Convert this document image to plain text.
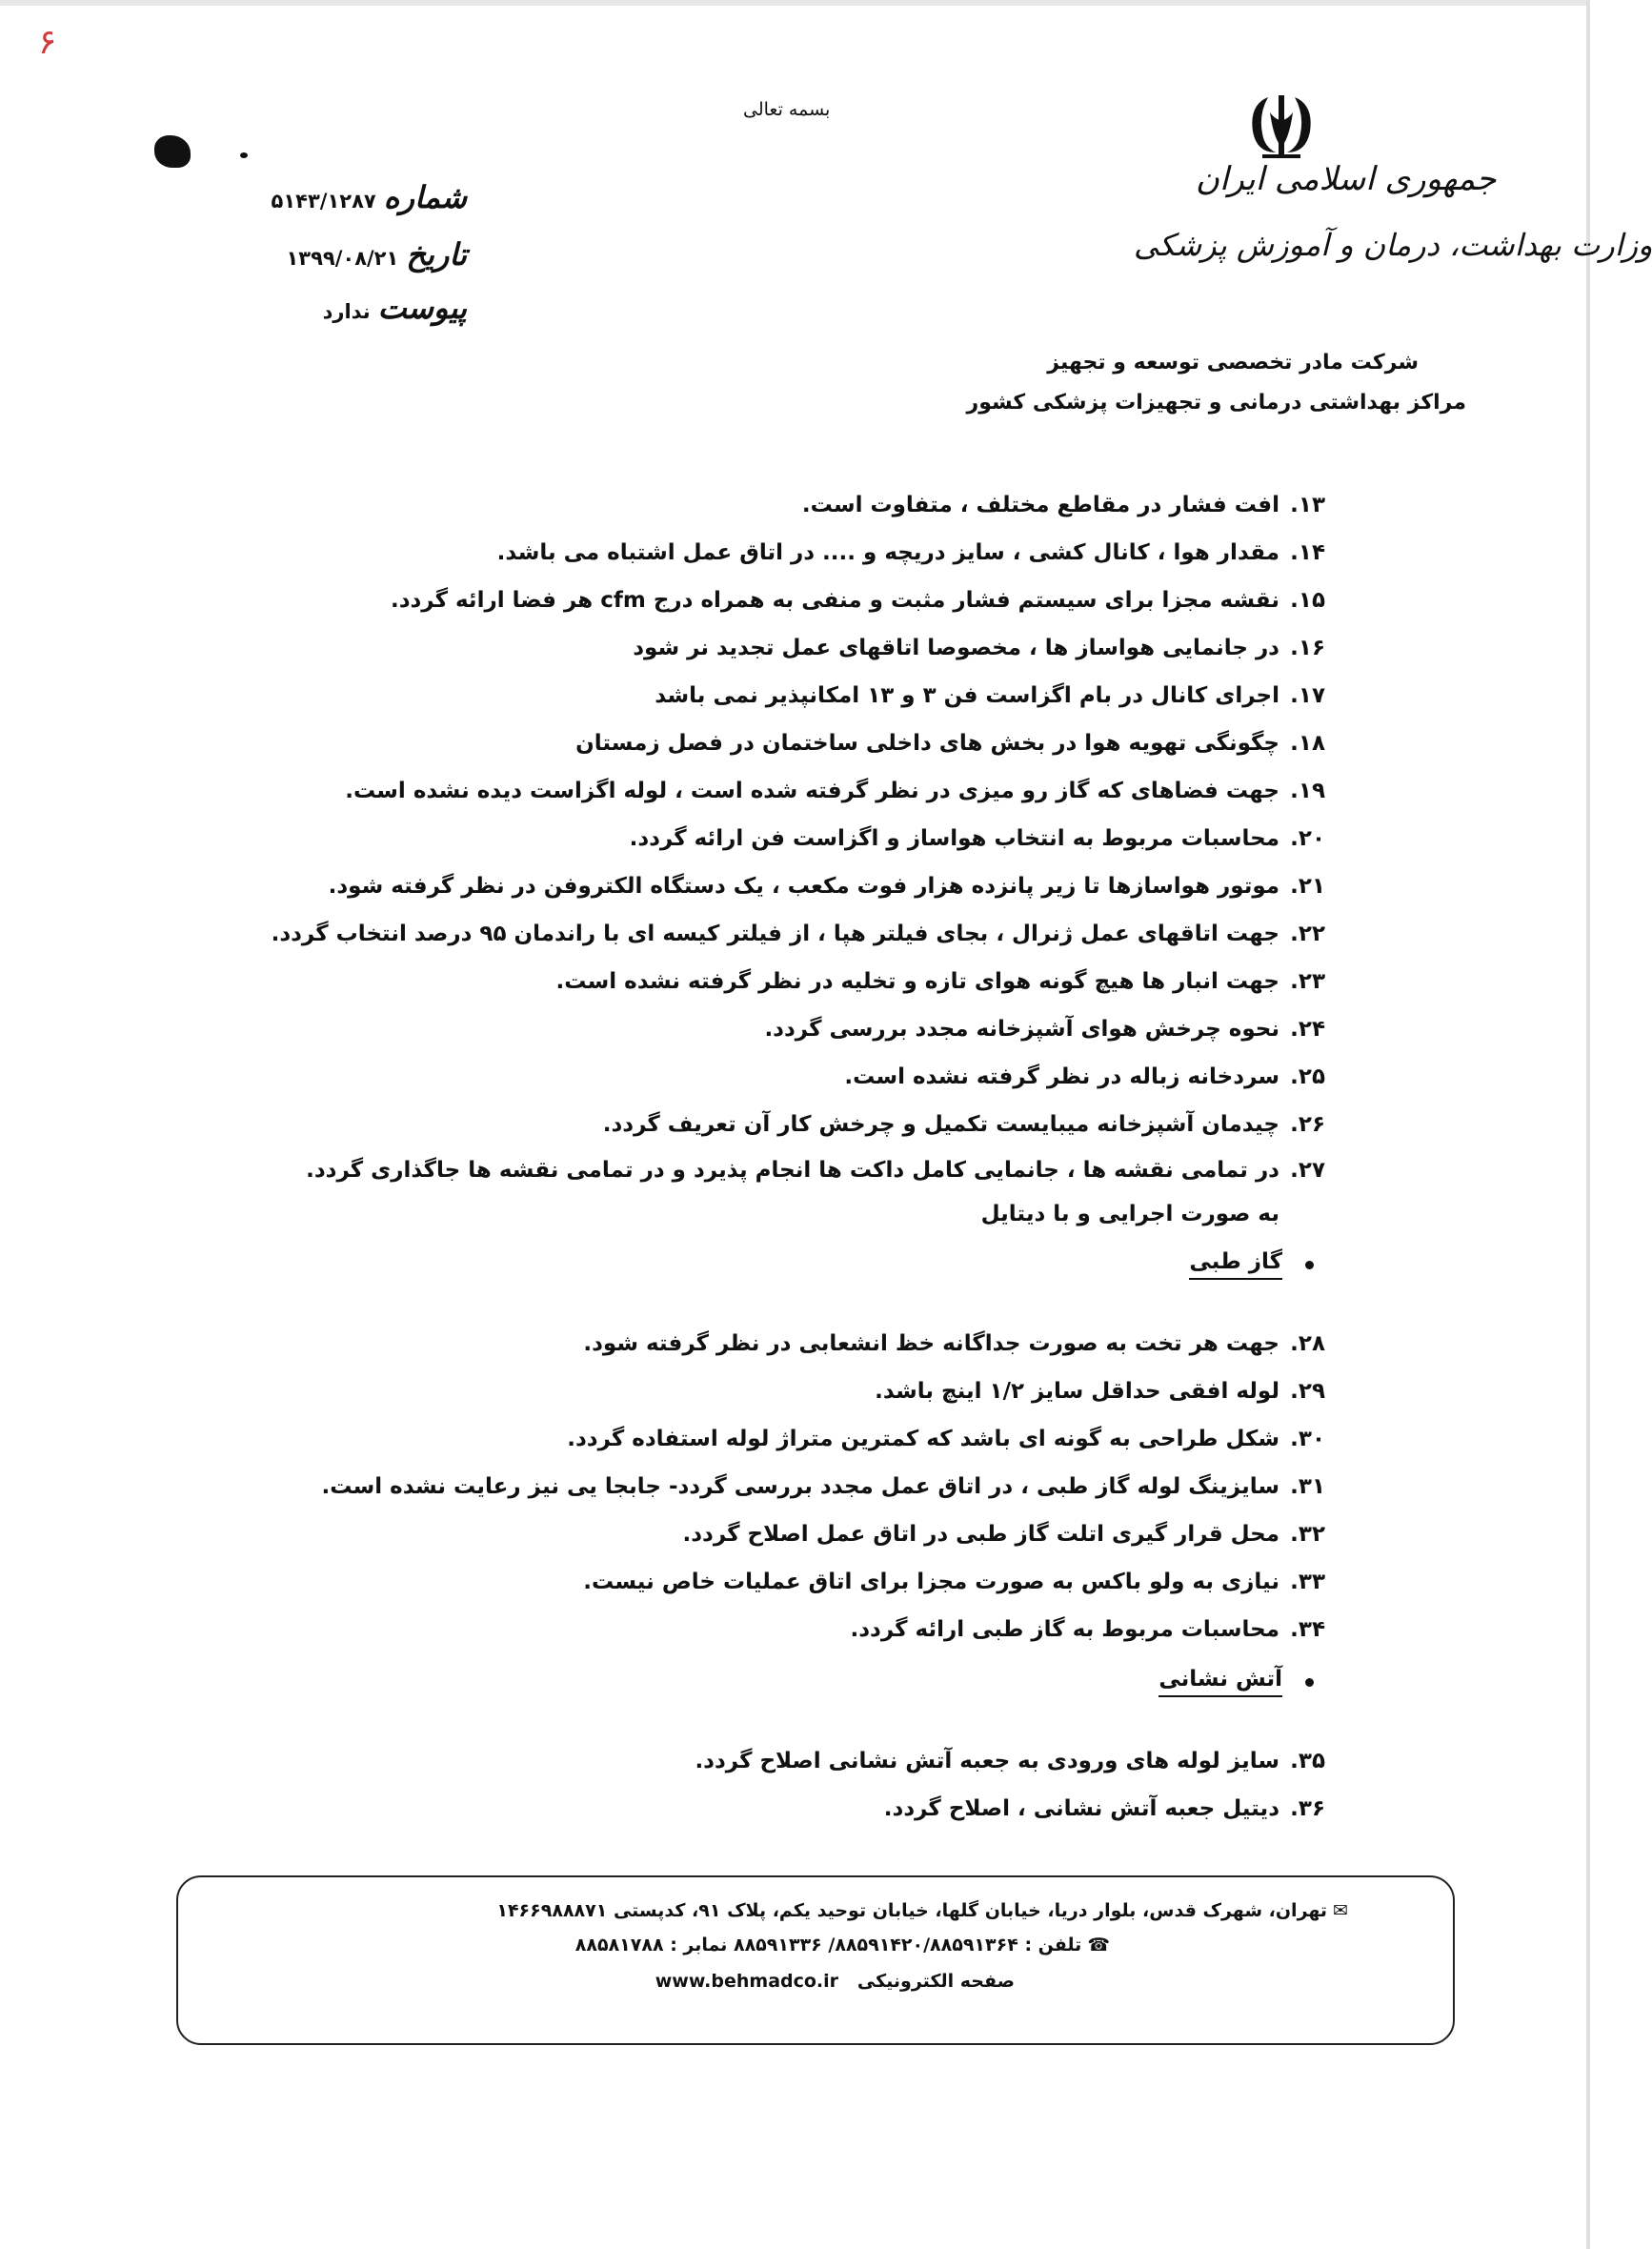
۶
بسمه تعالی
جمهوری اسلامی ایران
وزارت بهداشت، درمان و آموزش پزشکی
شرکت مادر تخصصی توسعه و تجهیز
مراکز بهداشتی درمانی و تجهیزات پزشکی کشور
شماره
۵۱۴۳/۱۲۸۷
تاریخ
۱۳۹۹/۰۸/۲۱
پیوست
ندارد
۱۳.
افت فشار در مقاطع مختلف ، متفاوت است.
۱۴.
مقدار هوا ، کانال کشی ، سایز دریچه و .... در اتاق عمل اشتباه می باشد.
۱۵.
نقشه مجزا برای سیستم فشار مثبت و منفی به همراه درج cfm هر فضا ارائه گردد.
۱۶.
در جانمایی هواساز ها ، مخصوصا اتاقهای عمل تجدید نر شود
۱۷.
اجرای کانال در بام اگزاست فن ۳ و ۱۳ امکانپذیر نمی باشد
۱۸.
چگونگی تهویه هوا در بخش های داخلی ساختمان در فصل زمستان
۱۹.
جهت فضاهای که گاز رو میزی در نظر گرفته شده است ، لوله اگزاست دیده نشده است.
۲۰.
محاسبات مربوط به انتخاب هواساز و اگزاست فن ارائه گردد.
۲۱.
موتور هواسازها تا زیر پانزده هزار فوت مکعب ، یک دستگاه الکتروفن در نظر گرفته شود.
۲۲.
جهت اتاقهای عمل ژنرال ، بجای فیلتر هپا ، از فیلتر کیسه ای با راندمان ۹۵ درصد انتخاب گردد.
۲۳.
جهت انبار ها هیچ گونه هوای تازه و تخلیه در نظر گرفته نشده است.
۲۴.
نحوه چرخش هوای آشپزخانه مجدد بررسی گردد.
۲۵.
سردخانه زباله در نظر گرفته نشده است.
۲۶.
چیدمان آشپزخانه میبایست تکمیل و چرخش کار آن تعریف گردد.
۲۷.
در تمامی نقشه ها ، جانمایی کامل داکت ها انجام پذیرد و در تمامی نقشه ها جاگذاری گردد. به صورت اجرایی و با دیتایل
گاز طبی
۲۸.
جهت هر تخت به صورت جداگانه خظ انشعابی در نظر گرفته شود.
۲۹.
لوله افقی حداقل سایز ۱/۲ اینچ باشد.
۳۰.
شکل طراحی به گونه ای باشد که کمترین متراژ لوله استفاده گردد.
۳۱.
سایزینگ لوله گاز طبی ، در اتاق عمل مجدد بررسی گردد- جابجا یی نیز رعایت نشده است.
۳۲.
محل قرار گیری اتلت گاز طبی در اتاق عمل اصلاح گردد.
۳۳.
نیازی به ولو باکس به صورت مجزا برای اتاق عملیات خاص نیست.
۳۴.
محاسبات مربوط به گاز طبی ارائه گردد.
آتش نشانی
۳۵.
سایز لوله های ورودی به جعبه آتش نشانی اصلاح گردد.
۳۶.
دیتیل جعبه آتش نشانی ، اصلاح گردد.
✉تهران، شهرک قدس، بلوار دریا، خیابان گلها، خیابان توحید یکم، پلاک ۹۱، کدپستی ۱۴۶۶۹۸۸۸۷۱
☎تلفن : ۸۸۵۹۱۴۲۰/۸۸۵۹۱۳۶۴/ ۸۸۵۹۱۳۳۶ نمابر : ۸۸۵۸۱۷۸۸
صفحه الکترونیکی   www.behmadco.ir
